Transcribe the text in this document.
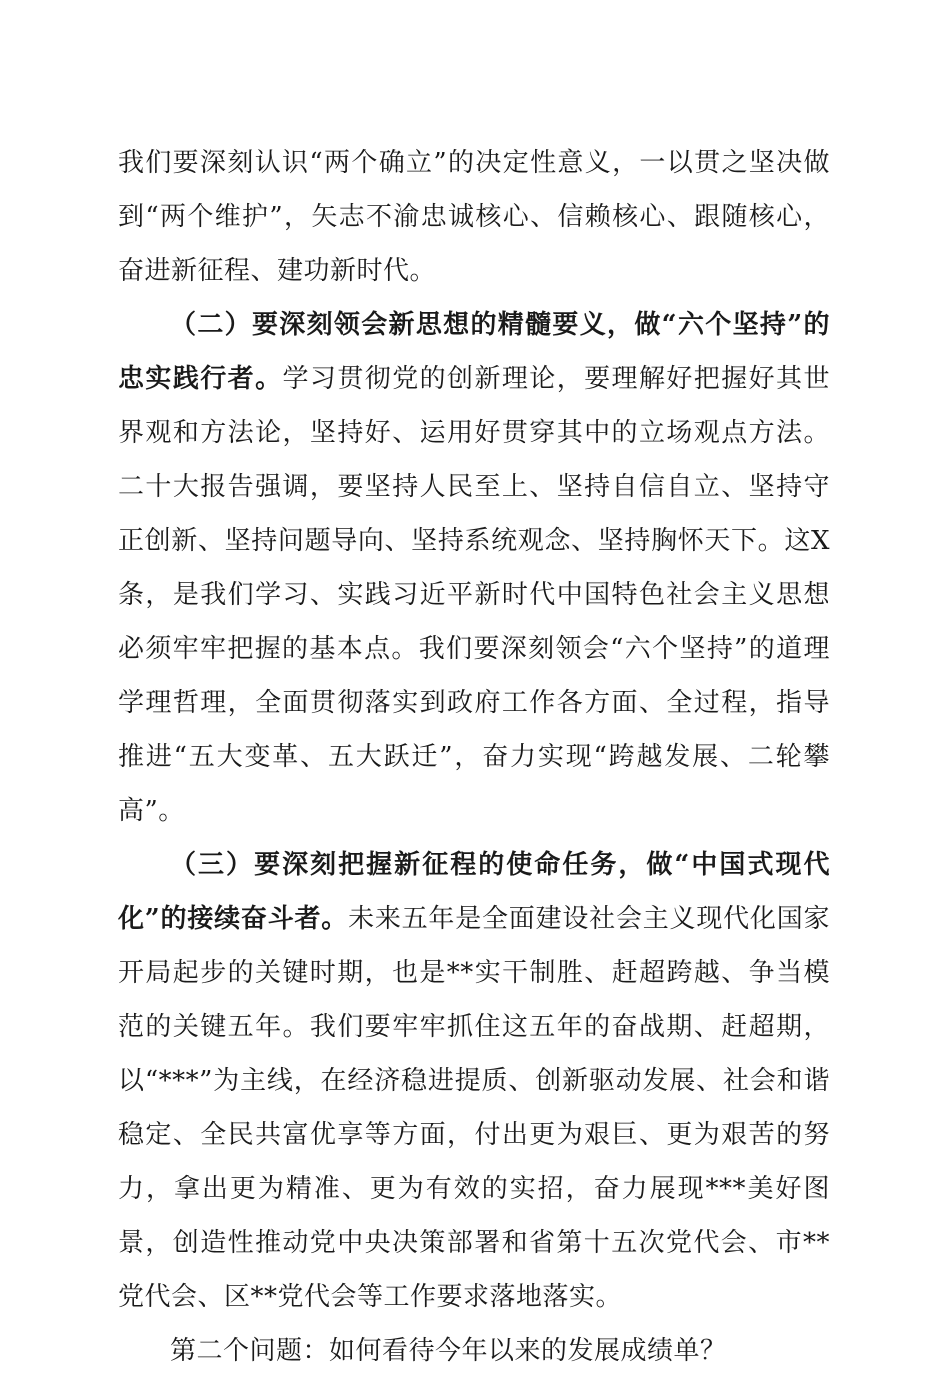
我们要深刻认识“两个确立”的决定性意义，一以贯之坚决做到“两个维护”，矢志不渝忠诚核心、信赖核心、跟随核心，奋进新征程、建功新时代。

（二）要深刻领会新思想的精髓要义，做“六个坚持”的忠实践行者。学习贯彻党的创新理论，要理解好把握好其世界观和方法论，坚持好、运用好贯穿其中的立场观点方法。二十大报告强调，要坚持人民至上、坚持自信自立、坚持守正创新、坚持问题导向、坚持系统观念、坚持胸怀天下。这X条，是我们学习、实践习近平新时代中国特色社会主义思想必须牢牢把握的基本点。我们要深刻领会“六个坚持”的道理学理哲理，全面贯彻落实到政府工作各方面、全过程，指导推进“五大变革、五大跃迁”，奋力实现“跨越发展、二轮攀高”。

（三）要深刻把握新征程的使命任务，做“中国式现代化”的接续奋斗者。未来五年是全面建设社会主义现代化国家开局起步的关键时期，也是**实干制胜、赶超跨越、争当模范的关键五年。我们要牢牢抓住这五年的奋战期、赶超期，以“***”为主线，在经济稳进提质、创新驱动发展、社会和谐稳定、全民共富优享等方面，付出更为艰巨、更为艰苦的努力，拿出更为精准、更为有效的实招，奋力展现***美好图景，创造性推动党中央决策部署和省第十五次党代会、市**党代会、区**党代会等工作要求落地落实。

第二个问题：如何看待今年以来的发展成绩单？
